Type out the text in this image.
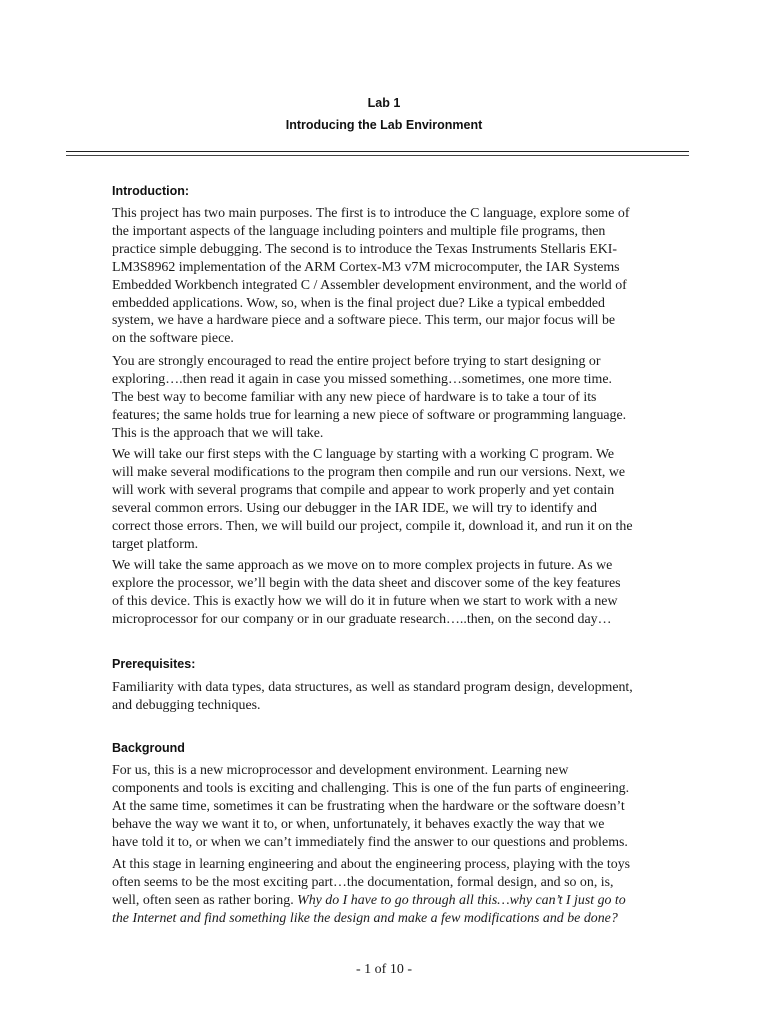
Lab 1
Introducing the Lab Environment
Introduction:

This project has two main purposes. The first is to introduce the C language, explore some of
the important aspects of the language including pointers and multiple file programs, then
practice simple debugging. The second is to introduce the Texas Instruments Stellaris EKI-
LM3S8962 implementation of the ARM Cortex-M3 v7M microcomputer, the IAR Systems
Embedded Workbench integrated C / Assembler development environment, and the world of
embedded applications. Wow, so, when is the final project due? Like a typical embedded
system, we have a hardware piece and a software piece. This term, our major focus will be
on the software piece.

You are strongly encouraged to read the entire project before trying to start designing or
exploring….then read it again in case you missed something…sometimes, one more time.
The best way to become familiar with any new piece of hardware is to take a tour of its
features; the same holds true for learning a new piece of software or programming language.
This is the approach that we will take.

We will take our first steps with the C language by starting with a working C program. We
will make several modifications to the program then compile and run our versions. Next, we
will work with several programs that compile and appear to work properly and yet contain
several common errors. Using our debugger in the IAR IDE, we will try to identify and
correct those errors. Then, we will build our project, compile it, download it, and run it on the
target platform.

We will take the same approach as we move on to more complex projects in future. As we
explore the processor, we’ll begin with the data sheet and discover some of the key features
of this device. This is exactly how we will do it in future when we start to work with a new
microprocessor for our company or in our graduate research…..then, on the second day…

Prerequisites:

Familiarity with data types, data structures, as well as standard program design, development,
and debugging techniques.

Background

For us, this is a new microprocessor and development environment. Learning new
components and tools is exciting and challenging. This is one of the fun parts of engineering.
At the same time, sometimes it can be frustrating when the hardware or the software doesn’t
behave the way we want it to, or when, unfortunately, it behaves exactly the way that we
have told it to, or when we can’t immediately find the answer to our questions and problems.

At this stage in learning engineering and about the engineering process, playing with the toys
often seems to be the most exciting part…the documentation, formal design, and so on, is,
well, often seen as rather boring. Why do I have to go through all this…why can’t I just go to
the Internet and find something like the design and make a few modifications and be done?

- 1 of 10 -
